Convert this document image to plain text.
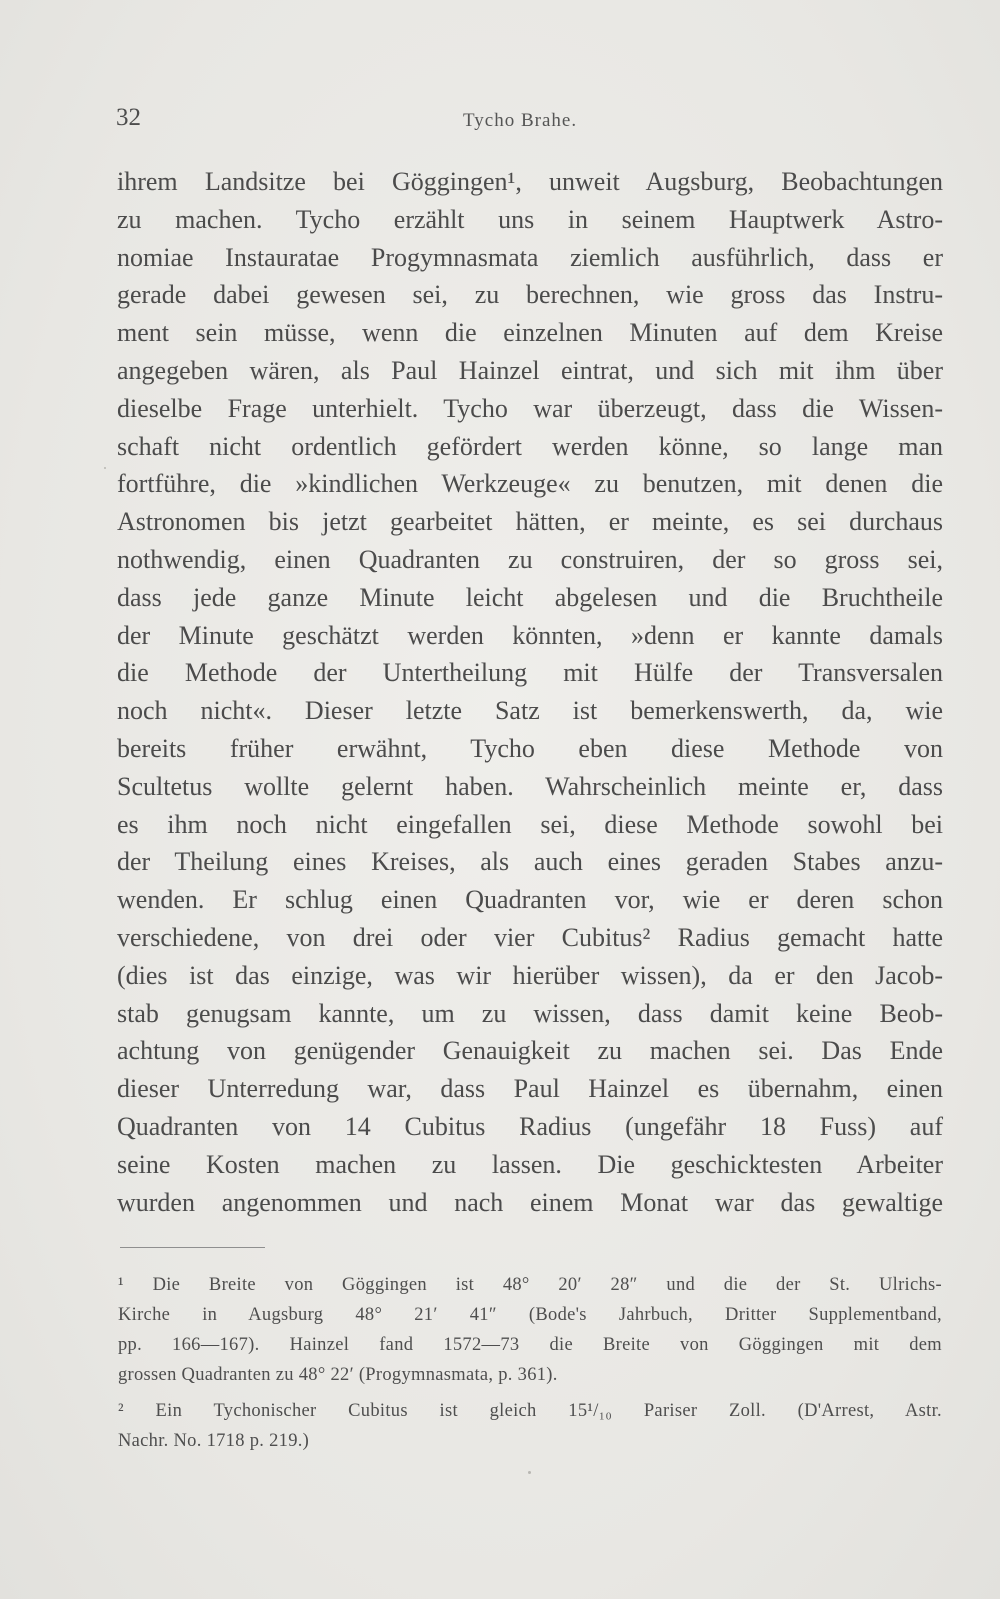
32	Tycho Brahe.
ihrem Landsitze bei Göggingen¹, unweit Augsburg, Beobachtungen
zu machen. Tycho erzählt uns in seinem Hauptwerk Astro-
nomiae Instauratae Progymnasmata ziemlich ausführlich, dass er
gerade dabei gewesen sei, zu berechnen, wie gross das Instru-
ment sein müsse, wenn die einzelnen Minuten auf dem Kreise
angegeben wären, als Paul Hainzel eintrat, und sich mit ihm über
dieselbe Frage unterhielt. Tycho war überzeugt, dass die Wissen-
schaft nicht ordentlich gefördert werden könne, so lange man
fortführe, die »kindlichen Werkzeuge« zu benutzen, mit denen die
Astronomen bis jetzt gearbeitet hätten, er meinte, es sei durchaus
nothwendig, einen Quadranten zu construiren, der so gross sei,
dass jede ganze Minute leicht abgelesen und die Bruchtheile
der Minute geschätzt werden könnten, »denn er kannte damals
die Methode der Untertheilung mit Hülfe der Transversalen
noch nicht«. Dieser letzte Satz ist bemerkenswerth, da, wie
bereits früher erwähnt, Tycho eben diese Methode von
Scultetus wollte gelernt haben. Wahrscheinlich meinte er, dass
es ihm noch nicht eingefallen sei, diese Methode sowohl bei
der Theilung eines Kreises, als auch eines geraden Stabes anzu-
wenden. Er schlug einen Quadranten vor, wie er deren schon
verschiedene, von drei oder vier Cubitus² Radius gemacht hatte
(dies ist das einzige, was wir hierüber wissen), da er den Jacob-
stab genugsam kannte, um zu wissen, dass damit keine Beob-
achtung von genügender Genauigkeit zu machen sei. Das Ende
dieser Unterredung war, dass Paul Hainzel es übernahm, einen
Quadranten von 14 Cubitus Radius (ungefähr 18 Fuss) auf
seine Kosten machen zu lassen. Die geschicktesten Arbeiter
wurden angenommen und nach einem Monat war das gewaltige
¹ Die Breite von Göggingen ist 48° 20′ 28″ und die der St. Ulrichs-
Kirche in Augsburg 48° 21′ 41″ (Bode's Jahrbuch, Dritter Supplementband,
pp. 166—167). Hainzel fand 1572—73 die Breite von Göggingen mit dem
grossen Quadranten zu 48° 22′ (Progymnasmata, p. 361).
² Ein Tychonischer Cubitus ist gleich 15¹/₁₀ Pariser Zoll. (D'Arrest, Astr.
Nachr. No. 1718 p. 219.)
